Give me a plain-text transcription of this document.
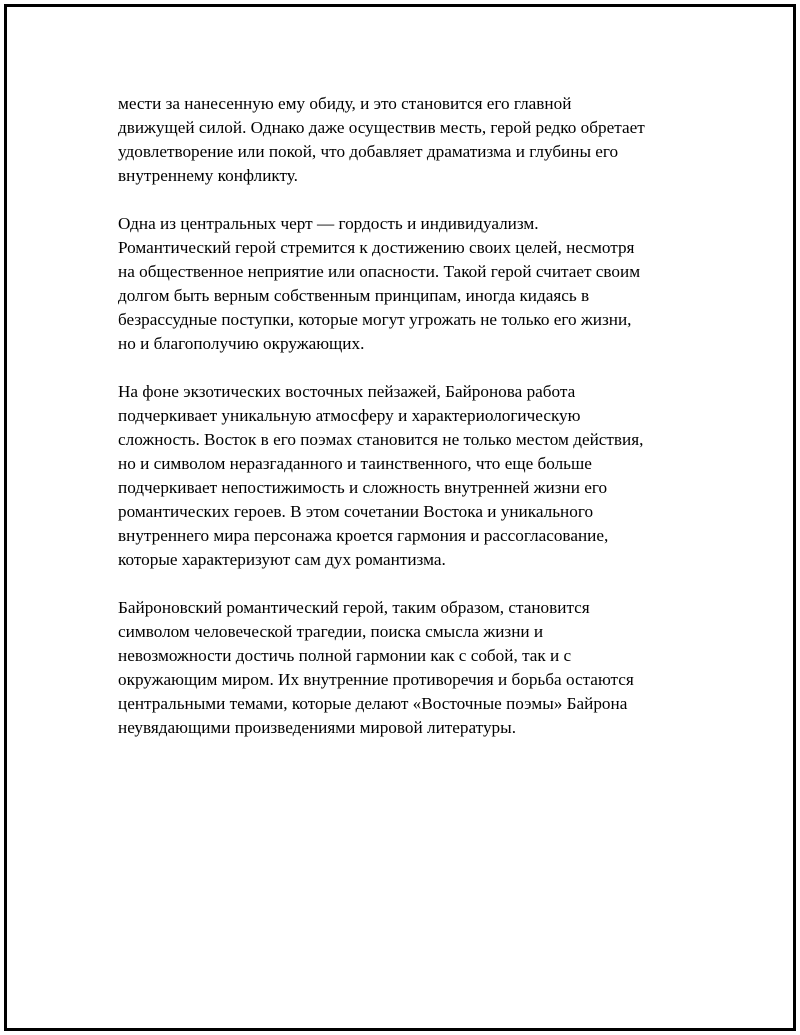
мести за нанесенную ему обиду, и это становится его главной
движущей силой. Однако даже осуществив месть, герой редко обретает
удовлетворение или покой, что добавляет драматизма и глубины его
внутреннему конфликту.

Одна из центральных черт — гордость и индивидуализм.
Романтический герой стремится к достижению своих целей, несмотря
на общественное неприятие или опасности. Такой герой считает своим
долгом быть верным собственным принципам, иногда кидаясь в
безрассудные поступки, которые могут угрожать не только его жизни,
но и благополучию окружающих.

На фоне экзотических восточных пейзажей, Байронова работа
подчеркивает уникальную атмосферу и характериологическую
сложность. Восток в его поэмах становится не только местом действия,
но и символом неразгаданного и таинственного, что еще больше
подчеркивает непостижимость и сложность внутренней жизни его
романтических героев. В этом сочетании Востока и уникального
внутреннего мира персонажа кроется гармония и рассогласование,
которые характеризуют сам дух романтизма.

Байроновский романтический герой, таким образом, становится
символом человеческой трагедии, поиска смысла жизни и
невозможности достичь полной гармонии как с собой, так и с
окружающим миром. Их внутренние противоречия и борьба остаются
центральными темами, которые делают «Восточные поэмы» Байрона
неувядающими произведениями мировой литературы.
